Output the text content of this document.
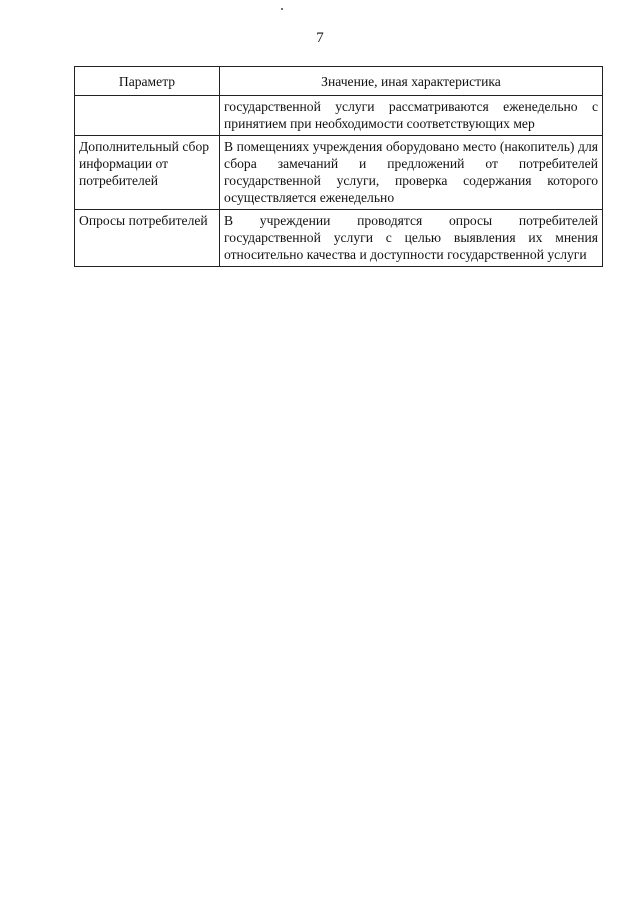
7
Параметр	Значение, иная характеристика
	государственной услуги рассматриваются еженедельно с принятием при необходимости соответствующих мер
Дополнительный сбор информации от потребителей	В помещениях учреждения оборудовано место (накопитель) для сбора замечаний и предложений от потребителей государственной услуги, проверка содержания которого осуществляется еженедельно
Опросы потребителей	В учреждении проводятся опросы потребителей государственной услуги с целью выявления их мнения относительно качества и доступности государственной услуги
